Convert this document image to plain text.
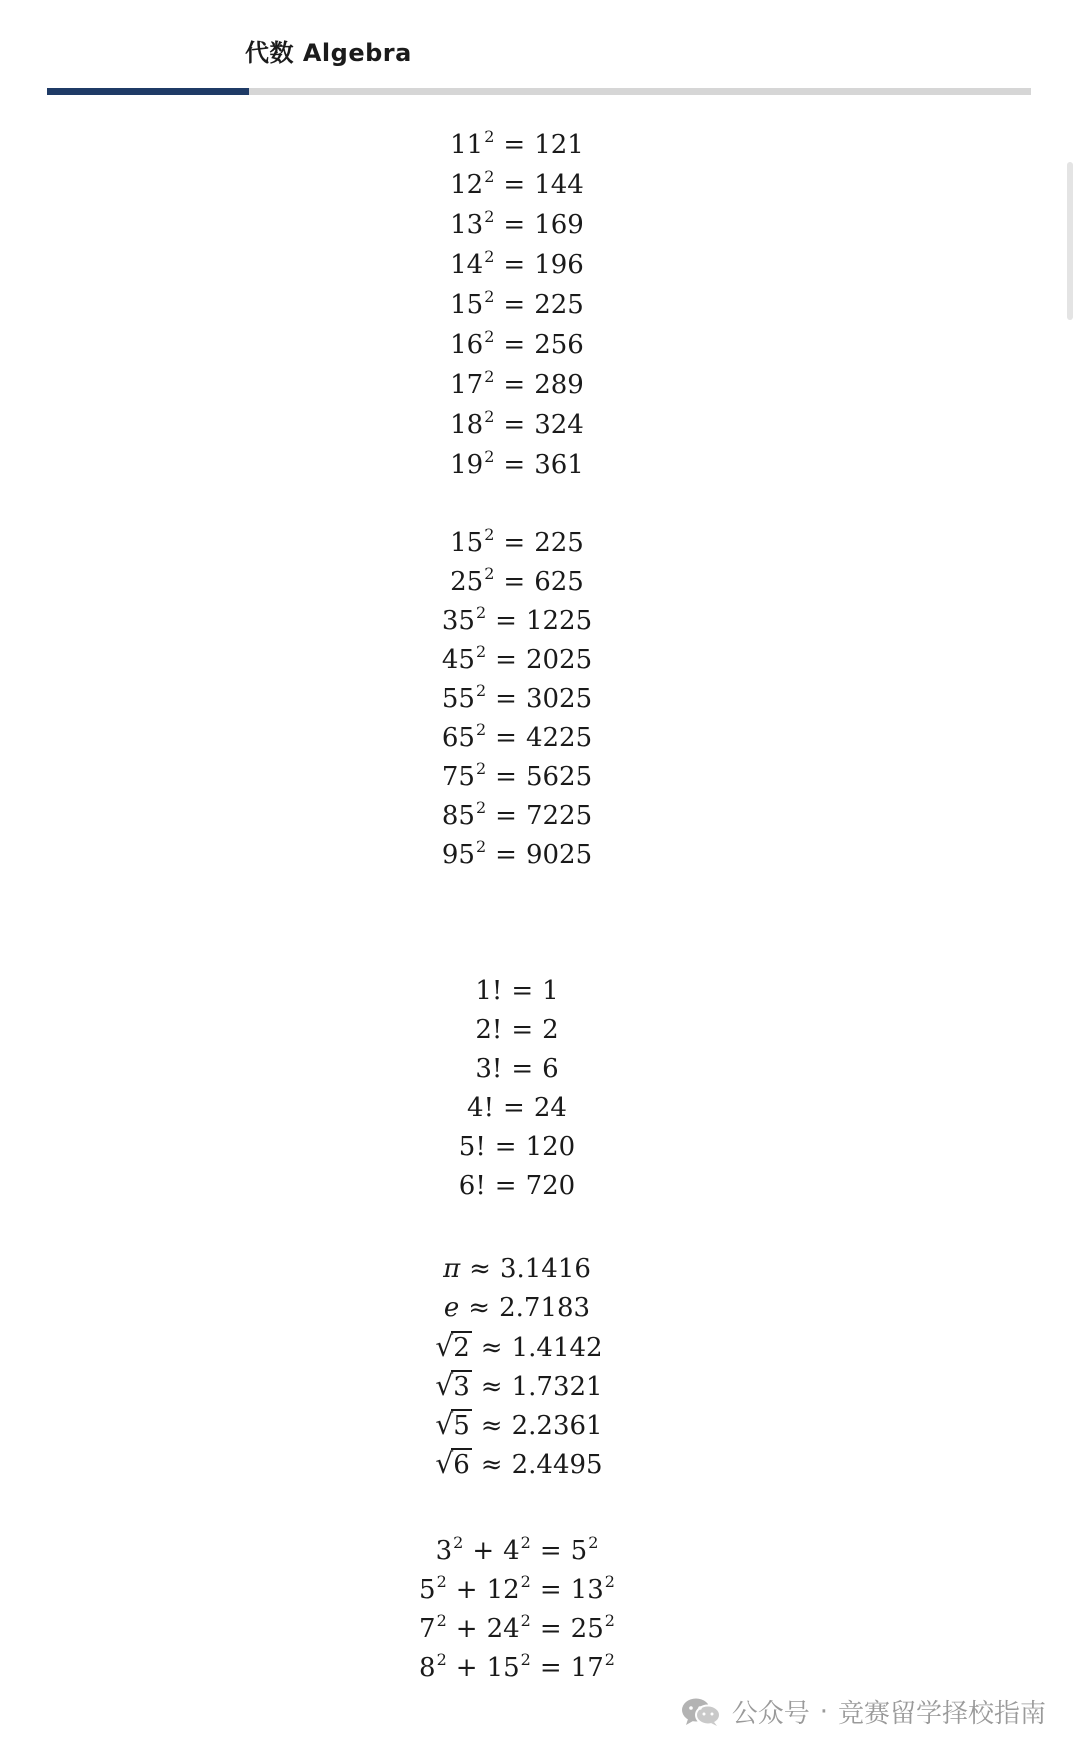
代数 Algebra
$11^2 = 121$
$12^2 = 144$
$13^2 = 169$
$14^2 = 196$
$15^2 = 225$
$16^2 = 256$
$17^2 = 289$
$18^2 = 324$
$19^2 = 361$
$15^2 = 225$
$25^2 = 625$
$35^2 = 1225$
$45^2 = 2025$
$55^2 = 3025$
$65^2 = 4225$
$75^2 = 5625$
$85^2 = 7225$
$95^2 = 9025$
1! = 1
2! = 2
3! = 6
4! = 24
5! = 120
6! = 720
π ≈ 3.1416
e ≈ 2.7183
√2 ≈ 1.4142
√3 ≈ 1.7321
√5 ≈ 2.2361
√6 ≈ 2.4495
$3^2 + 4^2 = 5^2$
$5^2 + 12^2 = 13^2$
$7^2 + 24^2 = 25^2$
$8^2 + 15^2 = 17^2$
公众号 · 竞赛留学择校指南
